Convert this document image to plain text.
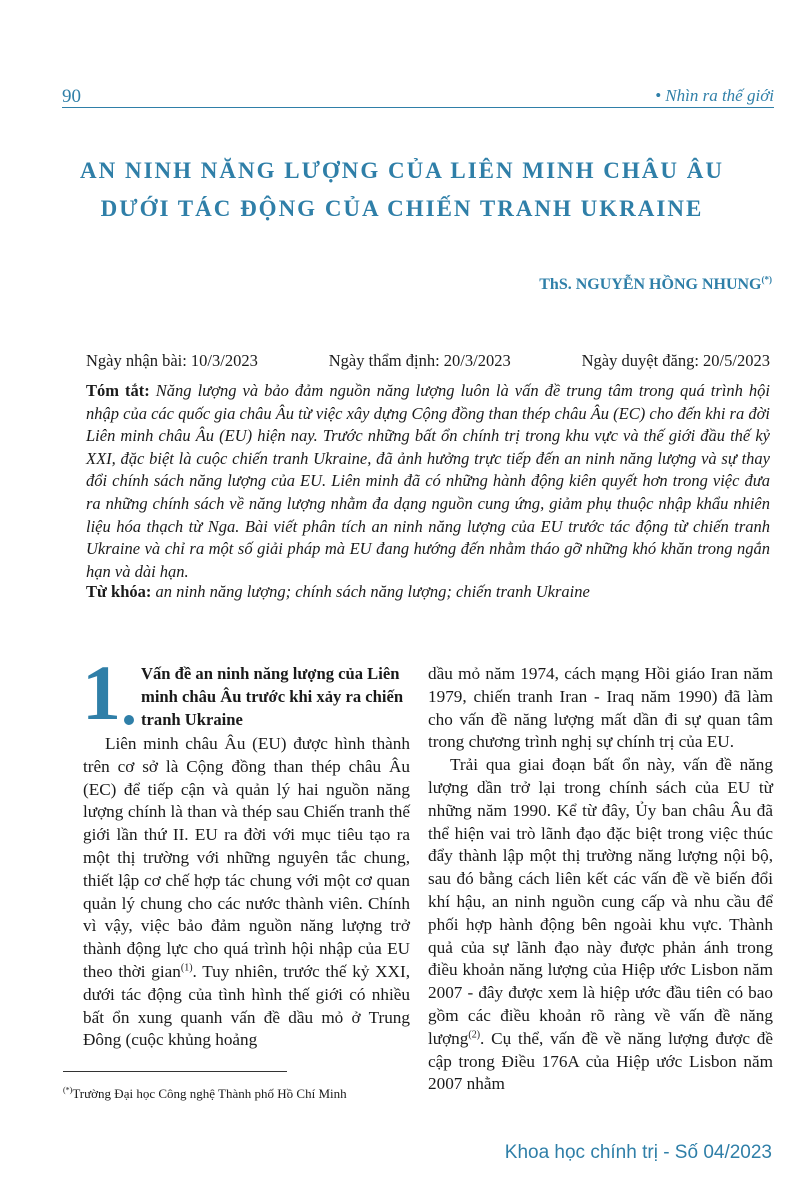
90	• Nhìn ra thế giới
AN NINH NĂNG LƯỢNG CỦA LIÊN MINH CHÂU ÂU
DƯỚI TÁC ĐỘNG CỦA CHIẾN TRANH UKRAINE
ThS. NGUYỄN HỒNG NHUNG(*)
Ngày nhận bài: 10/3/2023	Ngày thẩm định: 20/3/2023	Ngày duyệt đăng: 20/5/2023
Tóm tắt: Năng lượng và bảo đảm nguồn năng lượng luôn là vấn đề trung tâm trong quá trình hội nhập của các quốc gia châu Âu từ việc xây dựng Cộng đồng than thép châu Âu (EC) cho đến khi ra đời Liên minh châu Âu (EU) hiện nay. Trước những bất ổn chính trị trong khu vực và thế giới đầu thế kỷ XXI, đặc biệt là cuộc chiến tranh Ukraine, đã ảnh hưởng trực tiếp đến an ninh năng lượng và sự thay đổi chính sách năng lượng của EU. Liên minh đã có những hành động kiên quyết hơn trong việc đưa ra những chính sách về năng lượng nhằm đa dạng nguồn cung ứng, giảm phụ thuộc nhập khẩu nhiên liệu hóa thạch từ Nga. Bài viết phân tích an ninh năng lượng của EU trước tác động từ chiến tranh Ukraine và chỉ ra một số giải pháp mà EU đang hướng đến nhằm tháo gỡ những khó khăn trong ngắn hạn và dài hạn.
Từ khóa: an ninh năng lượng; chính sách năng lượng; chiến tranh Ukraine
1 Vấn đề an ninh năng lượng của Liên minh châu Âu trước khi xảy ra chiến tranh Ukraine

Liên minh châu Âu (EU) được hình thành trên cơ sở là Cộng đồng than thép châu Âu (EC) để tiếp cận và quản lý hai nguồn năng lượng chính là than và thép sau Chiến tranh thế giới lần thứ II. EU ra đời với mục tiêu tạo ra một thị trường với những nguyên tắc chung, thiết lập cơ chế hợp tác chung với một cơ quan quản lý chung cho các nước thành viên. Chính vì vậy, việc bảo đảm nguồn năng lượng trở thành động lực cho quá trình hội nhập của EU theo thời gian$^{(1)}$. Tuy nhiên, trước thế kỷ XXI, dưới tác động của tình hình thế giới có nhiều bất ổn xung quanh vấn đề dầu mỏ ở Trung Đông (cuộc khủng hoảng

dầu mỏ năm 1974, cách mạng Hồi giáo Iran năm 1979, chiến tranh Iran - Iraq năm 1990) đã làm cho vấn đề năng lượng mất dần đi sự quan tâm trong chương trình nghị sự chính trị của EU.

Trải qua giai đoạn bất ổn này, vấn đề năng lượng dần trở lại trong chính sách của EU từ những năm 1990. Kể từ đây, Ủy ban châu Âu đã thể hiện vai trò lãnh đạo đặc biệt trong việc thúc đẩy thành lập một thị trường năng lượng nội bộ, sau đó bằng cách liên kết các vấn đề về biến đổi khí hậu, an ninh nguồn cung cấp và nhu cầu để phối hợp hành động bên ngoài khu vực. Thành quả của sự lãnh đạo này được phản ánh trong điều khoản năng lượng của Hiệp ước Lisbon năm 2007 - đây được xem là hiệp ước đầu tiên có bao gồm các điều khoản rõ ràng về vấn đề năng lượng$^{(2)}$. Cụ thể, vấn đề về năng lượng được đề cập trong Điều 176A của Hiệp ước Lisbon năm 2007 nhằm

(*)Trường Đại học Công nghệ Thành phố Hồ Chí Minh
Khoa học chính trị - Số 04/2023
